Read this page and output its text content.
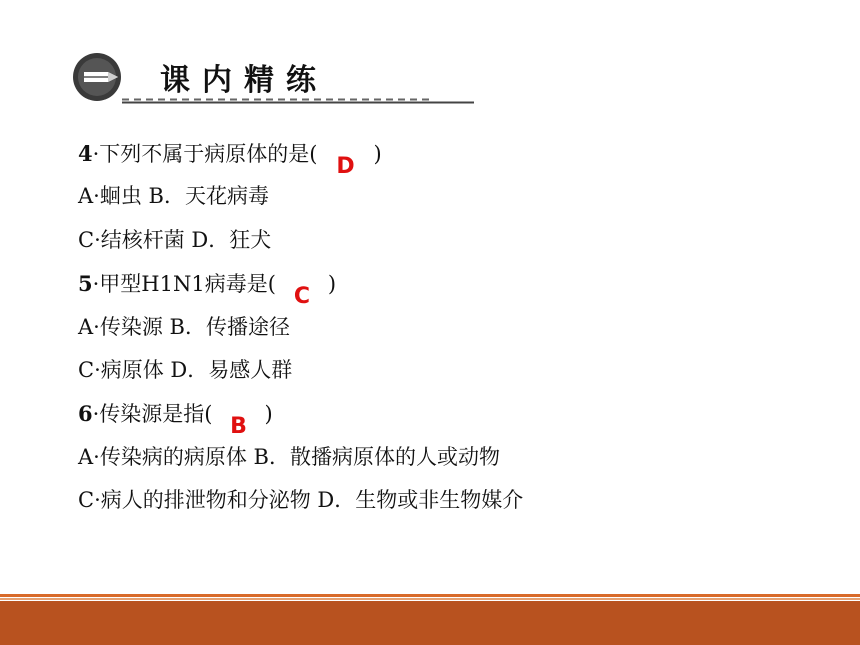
课内精练
4·下列不属于病原体的是( D )
A·蛔虫 B．天花病毒
C·结核杆菌 D．狂犬
5·甲型H1N1病毒是( C )
A·传染源 B．传播途径
C·病原体 D．易感人群
6·传染源是指( B )
A·传染病的病原体 B．散播病原体的人或动物
C·病人的排泄物和分泌物 D．生物或非生物媒介
